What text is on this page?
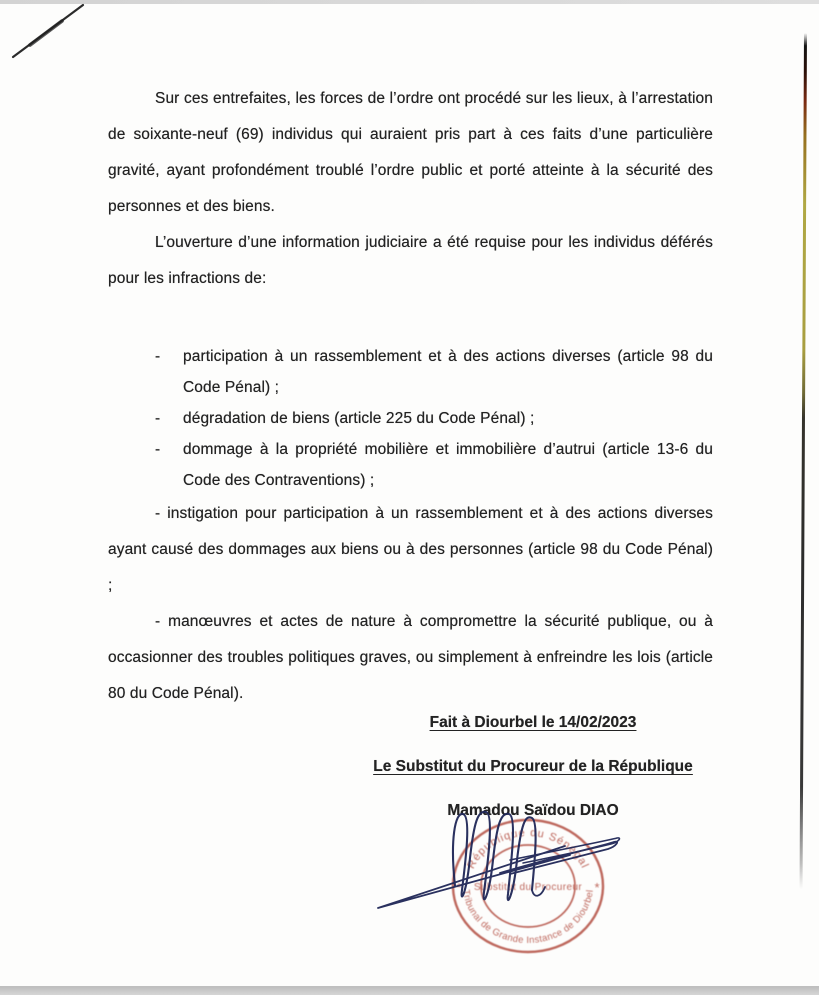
Sur ces entrefaites, les forces de l’ordre ont procédé sur les lieux, à l’arrestation de soixante-neuf (69) individus qui auraient pris part à ces faits d’une particulière gravité, ayant profondément troublé l’ordre public et porté atteinte à la sécurité des personnes et des biens.

L’ouverture d’une information judiciaire a été requise pour les individus déférés pour les infractions de:

-	participation à un rassemblement et à des actions diverses (article 98 du Code Pénal) ;
-	dégradation de biens (article 225 du Code Pénal) ;
-	dommage à la propriété mobilière et immobilière d’autrui (article 13-6 du Code des Contraventions) ;

- instigation pour participation à un rassemblement et à des actions diverses ayant causé des dommages aux biens ou à des personnes (article 98 du Code Pénal) ;

- manœuvres et actes de nature à compromettre la sécurité publique, ou à occasionner des troubles politiques graves, ou simplement à enfreindre les lois (article 80 du Code Pénal).

Fait à Diourbel le 14/02/2023
Le Substitut du Procureur de la République
Mamadou Saïdou DIAO
République du Sénégal
Tribunal de Grande Instance de Diourbel
Substitut du Procureur
*	*
